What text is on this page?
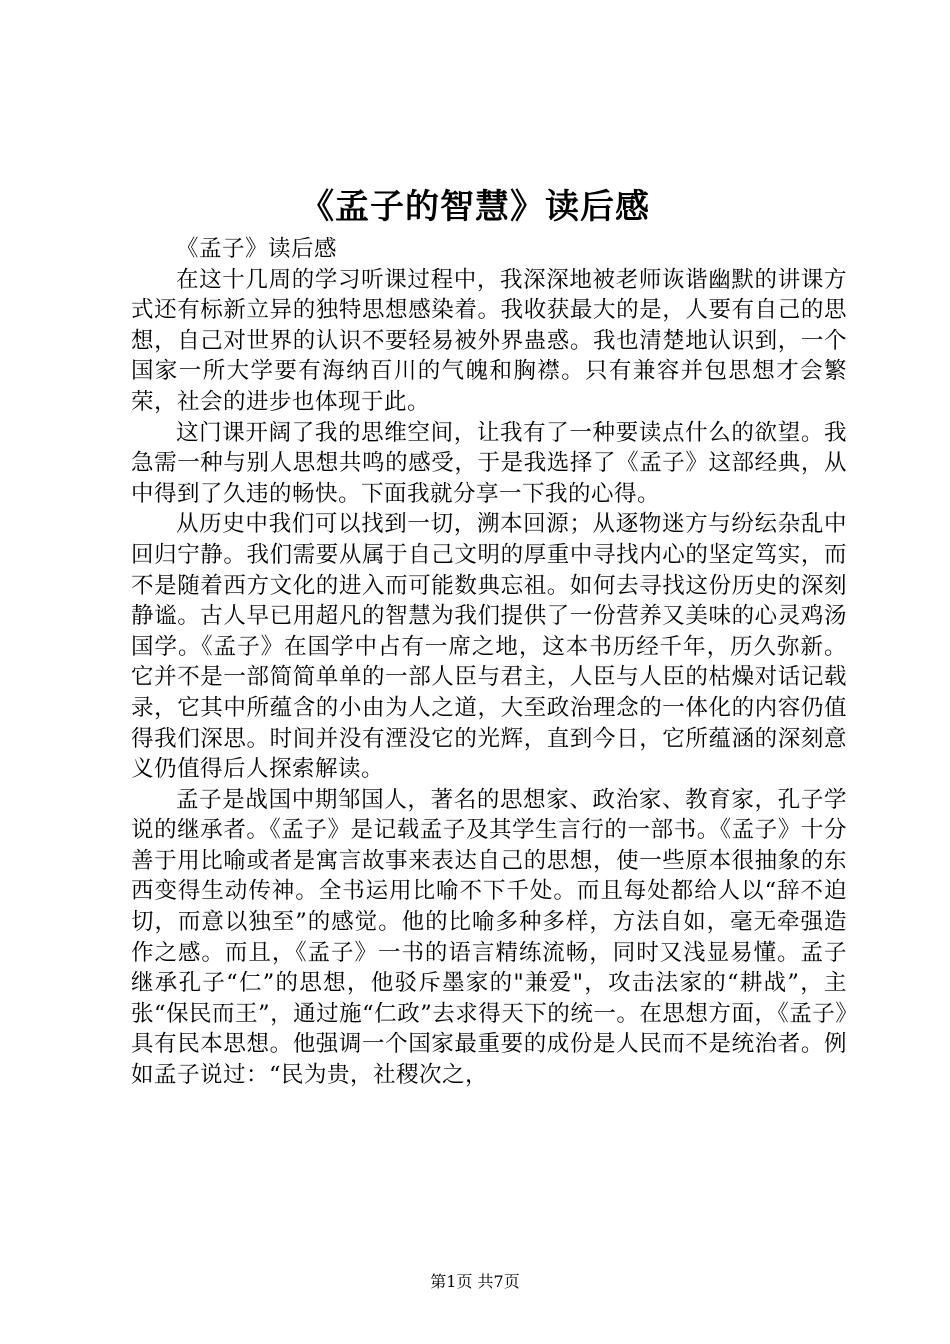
《孟子的智慧》读后感

《孟子》读后感

在这十几周的学习听课过程中，我深深地被老师诙谐幽默的讲课方式还有标新立异的独特思想感染着。我收获最大的是，人要有自己的思想，自己对世界的认识不要轻易被外界蛊惑。我也清楚地认识到，一个国家一所大学要有海纳百川的气魄和胸襟。只有兼容并包思想才会繁荣，社会的进步也体现于此。

这门课开阔了我的思维空间，让我有了一种要读点什么的欲望。我急需一种与别人思想共鸣的感受，于是我选择了《孟子》这部经典，从中得到了久违的畅快。下面我就分享一下我的心得。

从历史中我们可以找到一切，溯本回源；从逐物迷方与纷纭杂乱中回归宁静。我们需要从属于自己文明的厚重中寻找内心的坚定笃实，而不是随着西方文化的进入而可能数典忘祖。如何去寻找这份历史的深刻静谧。古人早已用超凡的智慧为我们提供了一份营养又美味的心灵鸡汤国学。《孟子》在国学中占有一席之地，这本书历经千年，历久弥新。它并不是一部简简单单的一部人臣与君主，人臣与人臣的枯燥对话记载录，它其中所蕴含的小由为人之道，大至政治理念的一体化的内容仍值得我们深思。时间并没有湮没它的光辉，直到今日，它所蕴涵的深刻意义仍值得后人探索解读。

孟子是战国中期邹国人，著名的思想家、政治家、教育家，孔子学说的继承者。《孟子》是记载孟子及其学生言行的一部书。《孟子》十分善于用比喻或者是寓言故事来表达自己的思想，使一些原本很抽象的东西变得生动传神。全书运用比喻不下千处。而且每处都给人以“辞不迫切，而意以独至”的感觉。他的比喻多种多样，方法自如，毫无牵强造作之感。而且，《孟子》一书的语言精练流畅，同时又浅显易懂。孟子继承孔子“仁”的思想，他驳斥墨家的"兼爱"，攻击法家的“耕战”，主张“保民而王”，通过施“仁政”去求得天下的统一。在思想方面，《孟子》具有民本思想。他强调一个国家最重要的成份是人民而不是统治者。例如孟子说过：“民为贵，社稷次之，

第1页 共7页
